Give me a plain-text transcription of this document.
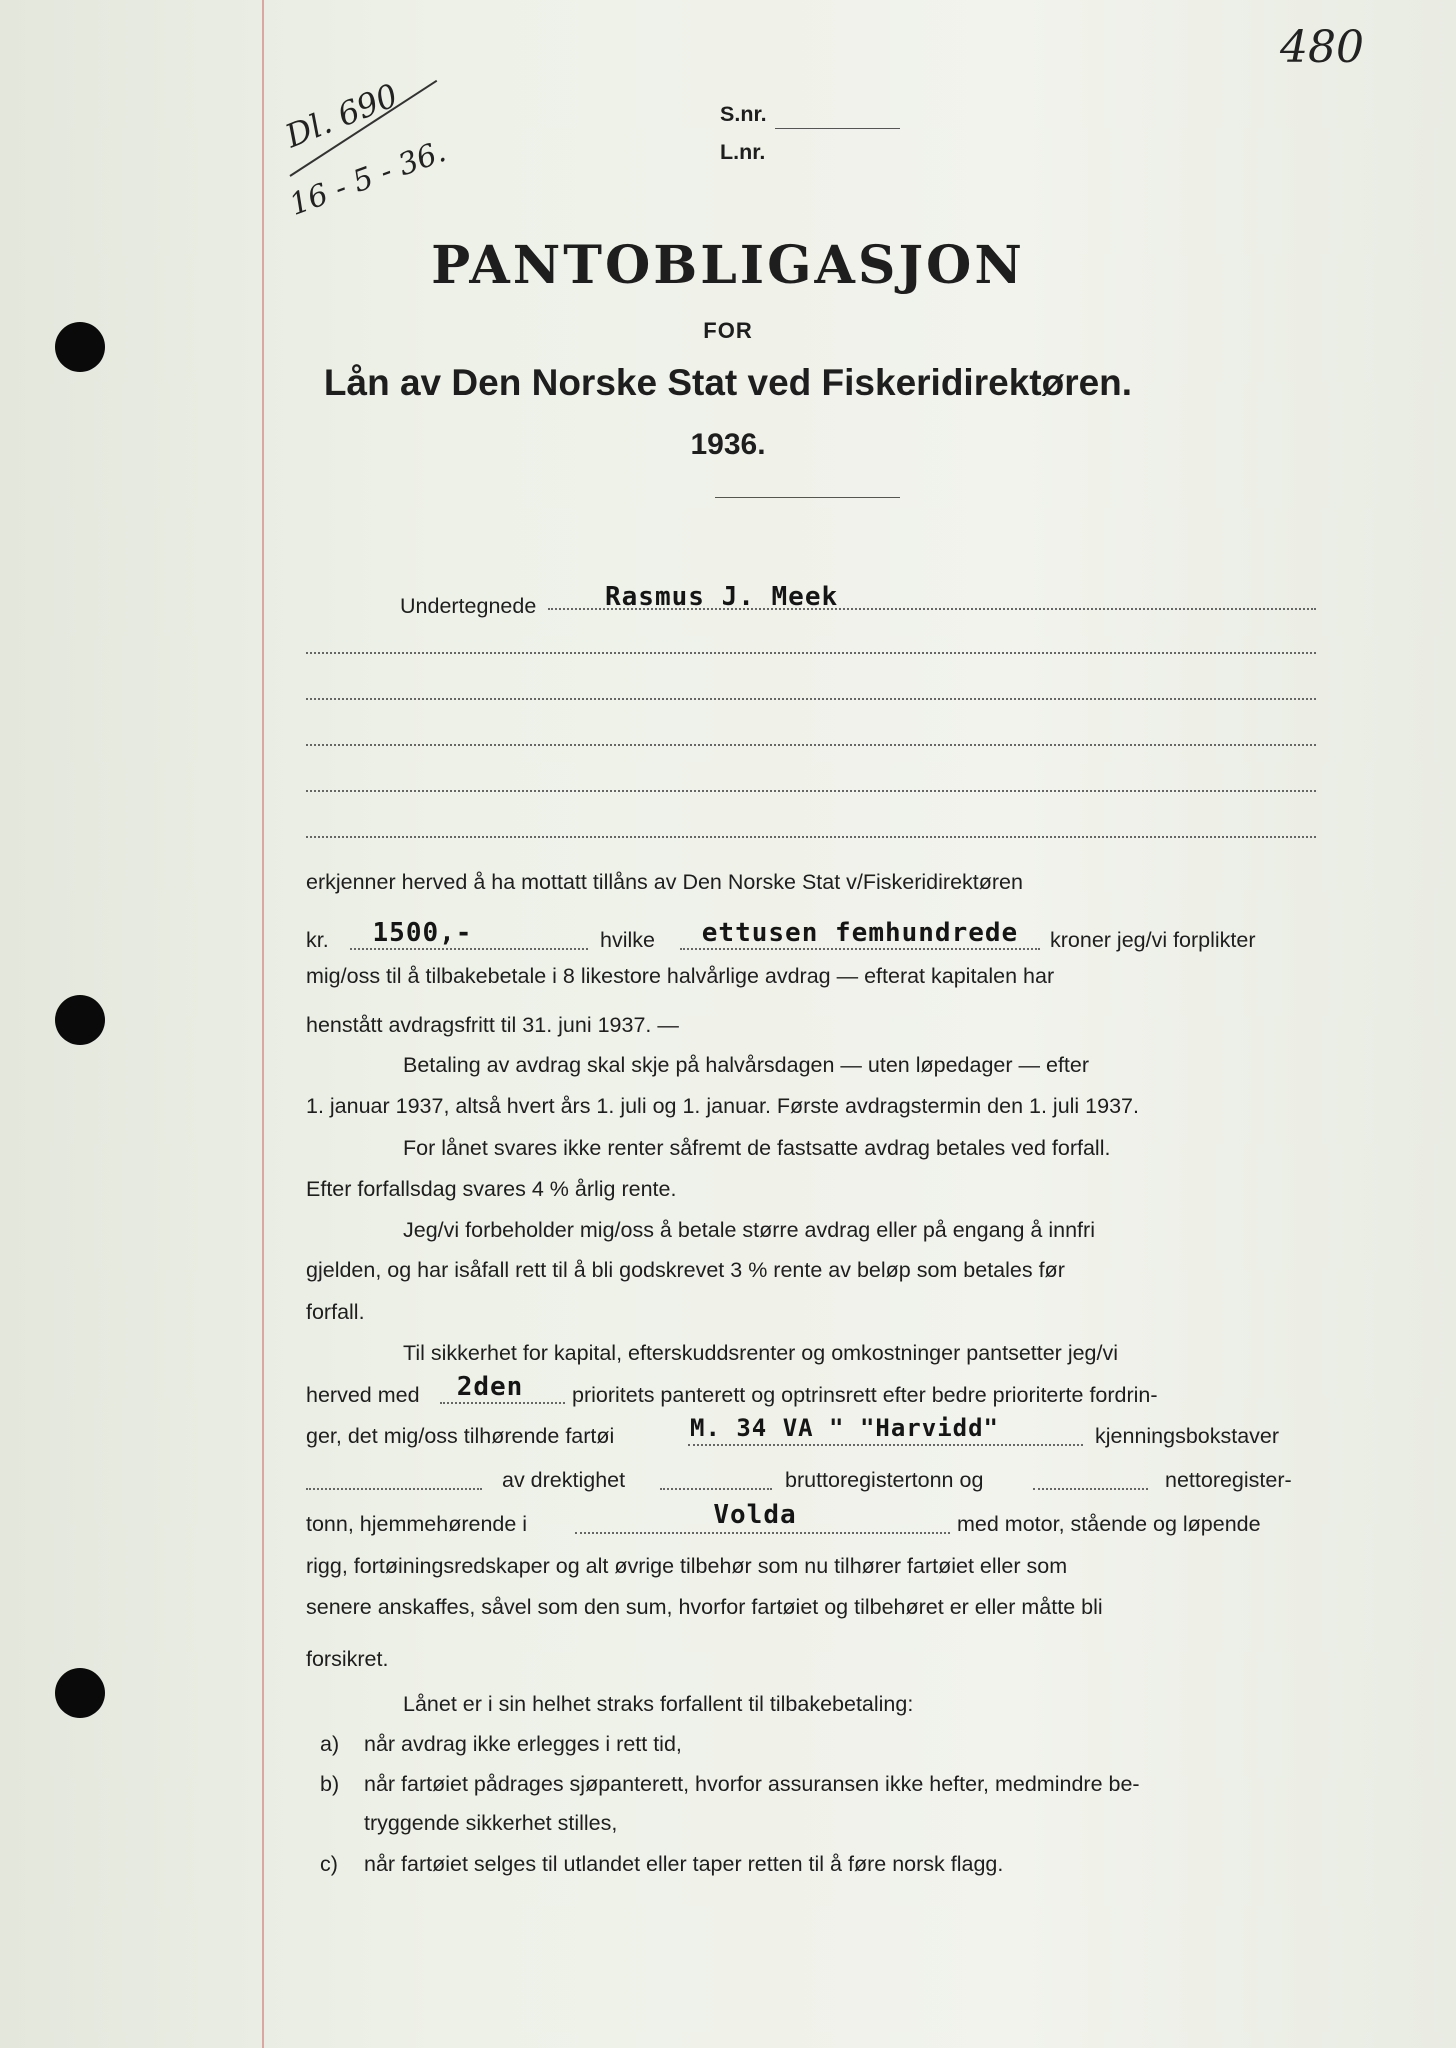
480
Dl. 690
16 - 5 - 36.
S.nr.
L.nr.
PANTOBLIGASJON
FOR
Lån av Den Norske Stat ved Fiskeridirektøren.
1936.
Undertegnede	Rasmus J. Meek
erkjenner herved å ha mottatt tillåns av Den Norske Stat v/Fiskeridirektøren
kr.	1500,-	hvilke	ettusen femhundrede	kroner jeg/vi forplikter
mig/oss til å tilbakebetale i 8 likestore halvårlige avdrag — efterat kapitalen har
henstått avdragsfritt til 31. juni 1937. —
Betaling av avdrag skal skje på halvårsdagen — uten løpedager — efter
1. januar 1937, altså hvert års 1. juli og 1. januar. Første avdragstermin den 1. juli 1937.
For lånet svares ikke renter såfremt de fastsatte avdrag betales ved forfall.
Efter forfallsdag svares 4 % årlig rente.
Jeg/vi forbeholder mig/oss å betale større avdrag eller på engang å innfri
gjelden, og har isåfall rett til å bli godskrevet 3 % rente av beløp som betales før
forfall.
Til sikkerhet for kapital, efterskuddsrenter og omkostninger pantsetter jeg/vi
herved med	2den	prioritets panterett og optrinsrett efter bedre prioriterte fordrin-
ger, det mig/oss tilhørende fartøi	M. 34 VA " "Harvidd"	kjenningsbokstaver
av drektighet	bruttoregistertonn og	nettoregister-
tonn, hjemmehørende i	Volda	med motor, stående og løpende
rigg, fortøiningsredskaper og alt øvrige tilbehør som nu tilhører fartøiet eller som
senere anskaffes, såvel som den sum, hvorfor fartøiet og tilbehøret er eller måtte bli
forsikret.
Lånet er i sin helhet straks forfallent til tilbakebetaling:
a) når avdrag ikke erlegges i rett tid,
b) når fartøiet pådrages sjøpanterett, hvorfor assuransen ikke hefter, medmindre be-
tryggende sikkerhet stilles,
c) når fartøiet selges til utlandet eller taper retten til å føre norsk flagg.
